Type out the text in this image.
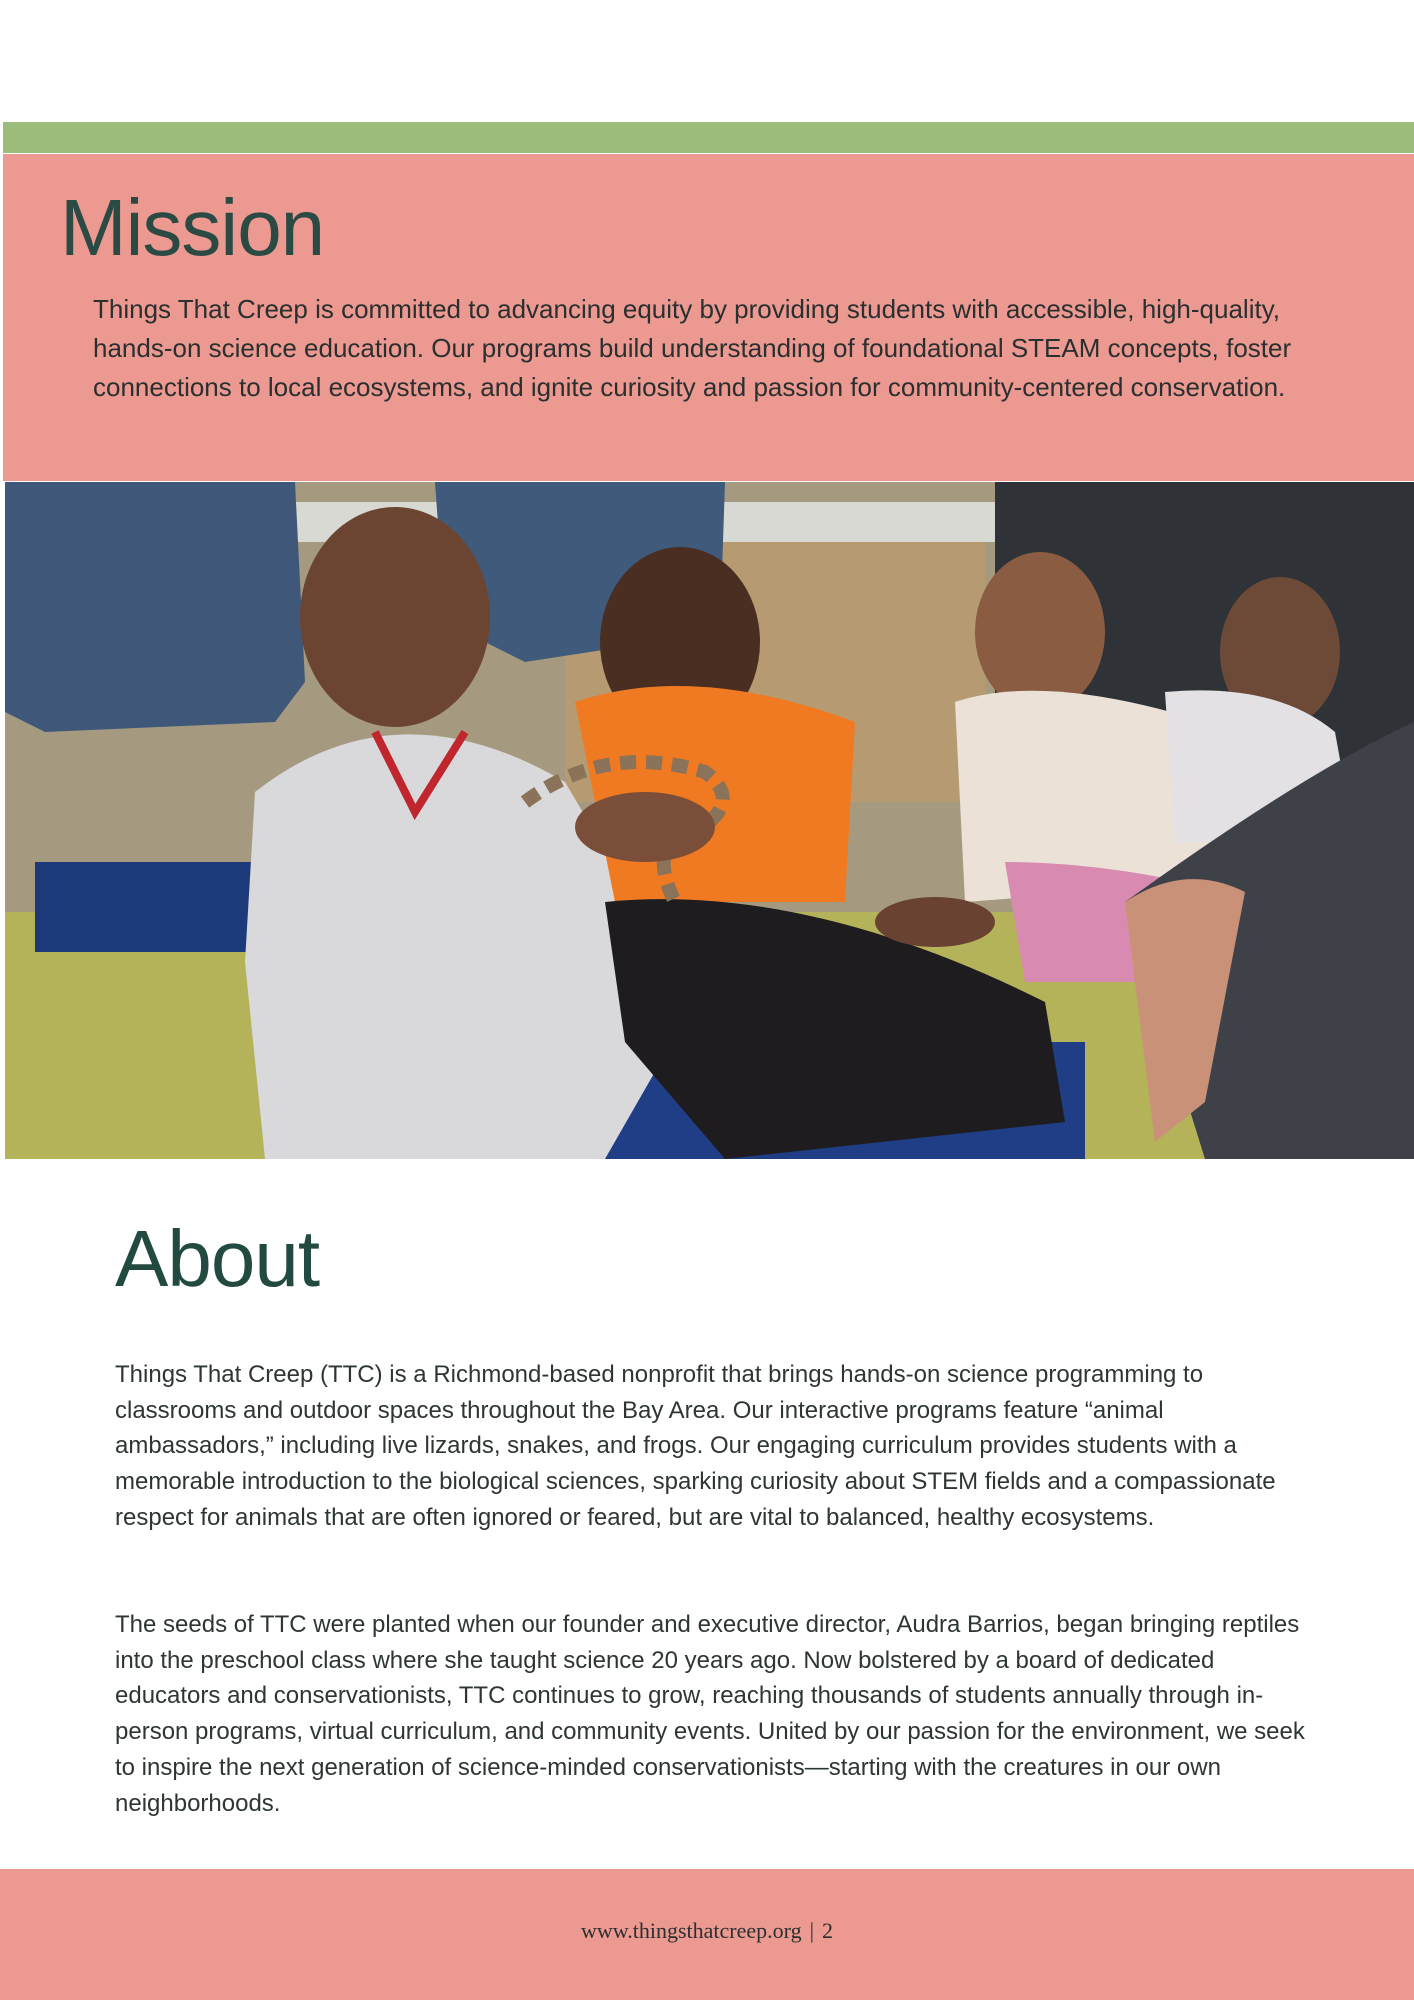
Mission

Things That Creep is committed to advancing equity by providing students with accessible, high-quality, hands-on science education. Our programs build understanding of foundational STEAM concepts, foster connections to local ecosystems, and ignite curiosity and passion for community-centered conservation.

About

Things That Creep (TTC) is a Richmond-based nonprofit that brings hands-on science programming to classrooms and outdoor spaces throughout the Bay Area. Our interactive programs feature “animal ambassadors,” including live lizards, snakes, and frogs. Our engaging curriculum provides students with a memorable introduction to the biological sciences, sparking curiosity about STEM fields and a compassionate respect for animals that are often ignored or feared, but are vital to balanced, healthy ecosystems.

The seeds of TTC were planted when our founder and executive director, Audra Barrios, began bringing reptiles into the preschool class where she taught science 20 years ago. Now bolstered by a board of dedicated educators and conservationists, TTC continues to grow, reaching thousands of students annually through in-person programs, virtual curriculum, and community events. United by our passion for the environment, we seek to inspire the next generation of science-minded conservationists—starting with the creatures in our own neighborhoods.

www.thingsthatcreep.org | 2
